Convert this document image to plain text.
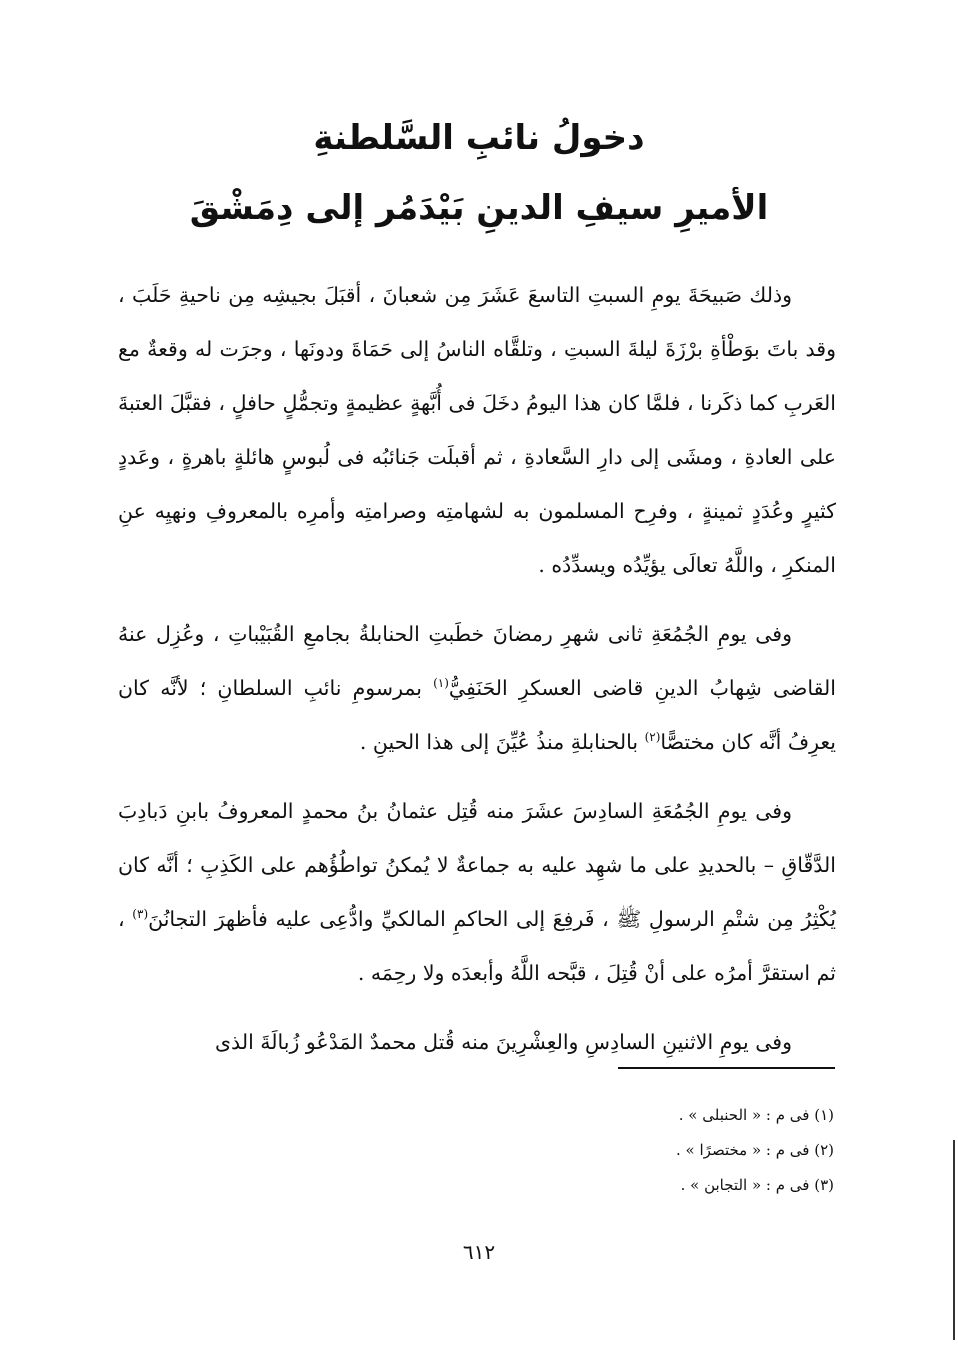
دخولُ نائبِ السَّلطنةِ
الأميرِ سيفِ الدينِ بَيْدَمُر إلى دِمَشْقَ

وذلك صَبيحَةَ يومِ السبتِ التاسعَ عَشَرَ مِن شعبانَ ، أقبَلَ بجيشِه مِن ناحيةِ حَلَبَ ، وقد باتَ بوَطْأةِ برْزَةَ ليلةَ السبتِ ، وتلقَّاه الناسُ إلى حَمَاةَ ودونَها ، وجرَت له وقعةٌ مع العَربِ كما ذكَرنا ، فلمَّا كان هذا اليومُ دخَلَ فى أُبَّهةٍ عظيمةٍ وتجمُّلٍ حافلٍ ، فقبَّلَ العتبةَ على العادةِ ، ومشَى إلى دارِ السَّعادةِ ، ثم أقبلَت جَنائبُه فى لُبوسٍ هائلةٍ باهرةٍ ، وعَددٍ كثيرٍ وعُدَدٍ ثمينةٍ ، وفرِح المسلمون به لشهامتِه وصرامتِه وأمرِه بالمعروفِ ونهيِه عنِ المنكرِ ، واللَّهُ تعالَى يؤيِّدُه ويسدِّدُه .

وفى يومِ الجُمُعَةِ ثانى شهرِ رمضانَ خطَبتِ الحنابلةُ بجامعِ القُبَيْباتِ ، وعُزِل عنهُ القاضى شِهابُ الدينِ قاضى العسكرِ الحَنَفِيُّ$^{(١)}$ بمرسومِ نائبِ السلطانِ ؛ لأنَّه كان يعرِفُ أنَّه كان مختصًّا$^{(٢)}$ بالحنابلةِ منذُ عُيِّنَ إلى هذا الحينِ .

وفى يومِ الجُمُعَةِ السادِسَ عشَرَ منه قُتِل عثمانُ بنُ محمدٍ المعروفُ بابنِ دَبادِبَ الدَّقّاقِ – بالحديدِ على ما شهِد عليه به جماعةٌ لا يُمكنُ تواطُؤُهم على الكَذِبِ ؛ أنَّه كان يُكْثِرُ مِن شتْمِ الرسولِ ﷺ ، فَرفِعَ إلى الحاكمِ المالكيِّ وادُّعِى عليه فأظهرَ التجانُنَ$^{(٣)}$ ، ثم استقرَّ أمرُه على أنْ قُتِلَ ، قبَّحه اللَّهُ وأبعدَه ولا رحِمَه .

وفى يومِ الاثنينِ السادِسِ والعِشْرِينَ منه قُتل محمدٌ المَدْعُو زُبالَةَ الذى

(١) فى م : « الحنبلى » .

(٢) فى م : « مختصرًا » .

(٣) فى م : « التجابن » .

٦١٢
